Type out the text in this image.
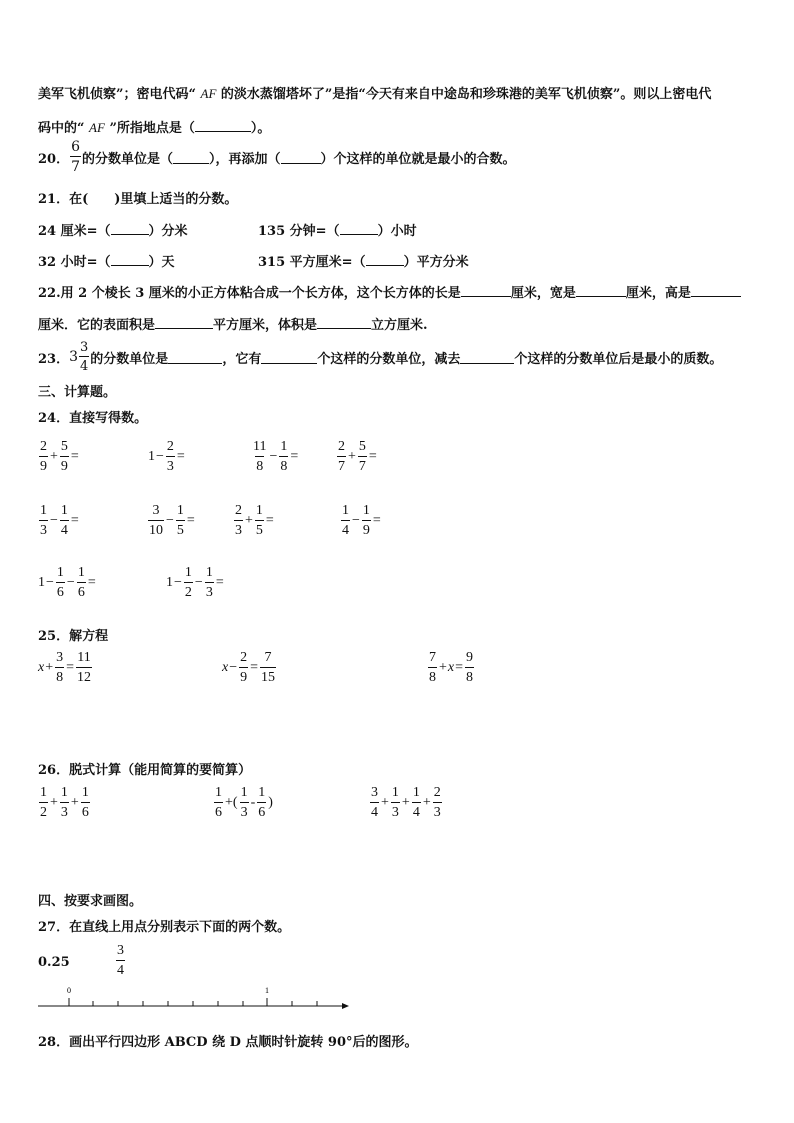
美军飞机侦察”；密电代码“ AF 的淡水蒸馏塔坏了”是指“今天有来自中途岛和珍珠港的美军飞机侦察”。则以上密电代
码中的“ AF ”所指地点是（	）。
20． $\frac{6}{7}$ 的分数单位是（	），再添加（	）个这样的单位就是最小的合数。
21．在(　　)里填上适当的分数。
24 厘米=（	）分米	135 分钟=（	）小时
32 小时=（	）天	315 平方厘米=（	）平方分米
22.用 2 个棱长 3 厘米的小正方体粘合成一个长方体，这个长方体的长是	厘米，宽是	厘米，高是
厘米．它的表面积是	平方厘米，体积是	立方厘米.
23． $3 \frac{3}{4}$ 的分数单位是	，它有	个这样的分数单位，减去	个这样的分数单位后是最小的质数。
三、计算题。
24．直接写得数。
$\frac{2}{9} + \frac{5}{9}$ =	$1 - \frac{2}{3}$ =	$\frac{11}{8} - \frac{1}{8}$ =	$\frac{2}{7} + \frac{5}{7}$ =
$\frac{1}{3} - \frac{1}{4}$ =	$\frac{3}{10} - \frac{1}{5}$ =	$\frac{2}{3} + \frac{1}{5}$ =	$\frac{1}{4} - \frac{1}{9}$ =
$1 - \frac{1}{6} - \frac{1}{6}$ =	$1 - \frac{1}{2} - \frac{1}{3}$ =
25．解方程
$x + \frac{3}{8} = \frac{11}{12}$	$x - \frac{2}{9} = \frac{7}{15}$	$\frac{7}{8} + x = \frac{9}{8}$
26．脱式计算（能用简算的要简算）
$\frac{1}{2} + \frac{1}{3} + \frac{1}{6}$	$\frac{1}{6}$ +( $\frac{1}{3} - \frac{1}{6}$ )	$\frac{3}{4} + \frac{1}{3} + \frac{1}{4} + \frac{2}{3}$
四、按要求画图。
27．在直线上用点分别表示下面的两个数。
0.25	$\frac{3}{4}$
0	1
28．画出平行四边形 ABCD 绕 D 点顺时针旋转 90°后的图形。
